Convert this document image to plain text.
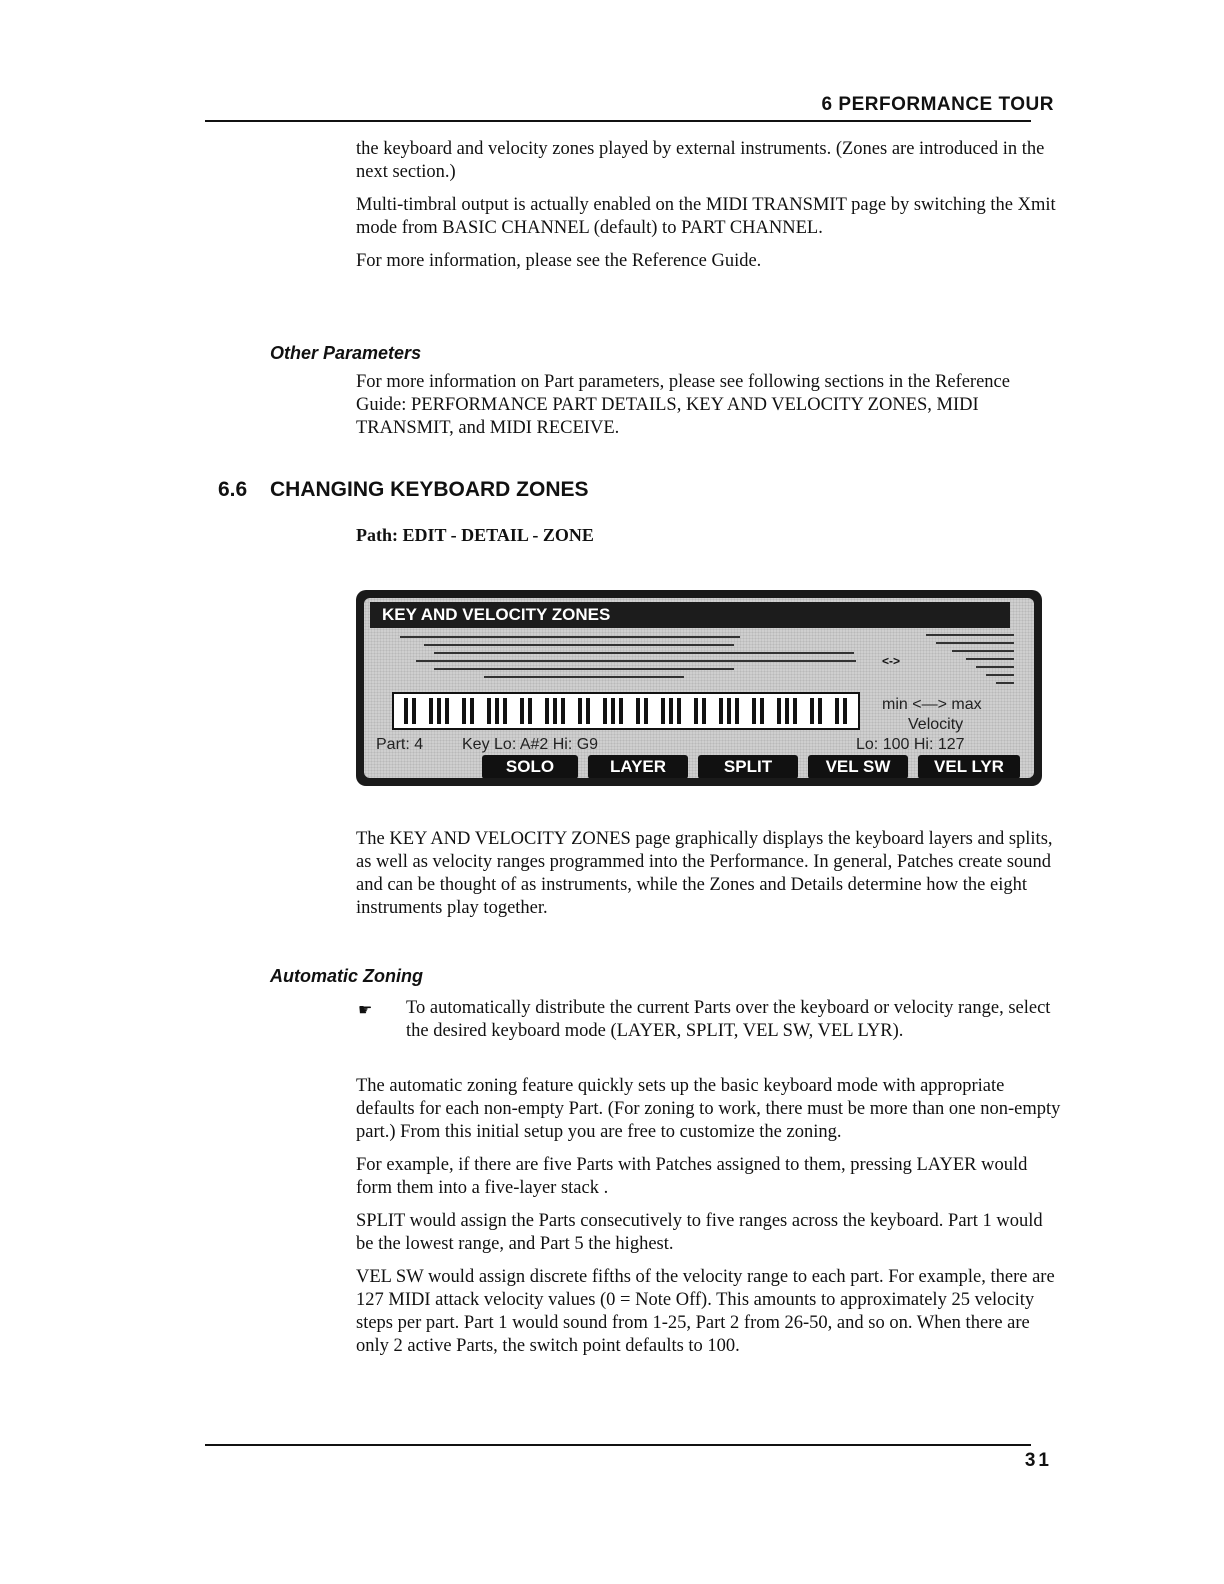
6 PERFORMANCE TOUR

the keyboard and velocity zones played by external instruments. (Zones are introduced in the next section.)

Multi-timbral output is actually enabled on the MIDI TRANSMIT page by switching the Xmit mode from BASIC CHANNEL (default) to PART CHANNEL.

For more information, please see the Reference Guide.

Other Parameters

For more information on Part parameters, please see following sections in the Reference Guide: PERFORMANCE PART DETAILS, KEY AND VELOCITY ZONES, MIDI TRANSMIT, and MIDI RECEIVE.

6.6 CHANGING KEYBOARD ZONES
Path: EDIT - DETAIL - ZONE
KEY AND VELOCITY ZONES
<->
min <—> max
Velocity
Part: 4 Key Lo: A#2 Hi: G9	Lo: 100 Hi: 127
SOLO	LAYER	SPLIT	VEL SW	VEL LYR

The KEY AND VELOCITY ZONES page graphically displays the keyboard layers and splits, as well as velocity ranges programmed into the Performance. In general, Patches create sound and can be thought of as instruments, while the Zones and Details determine how the eight instruments play together.

Automatic Zoning
☛ To automatically distribute the current Parts over the keyboard or velocity range, select the desired keyboard mode (LAYER, SPLIT, VEL SW, VEL LYR).

The automatic zoning feature quickly sets up the basic keyboard mode with appropriate defaults for each non-empty Part. (For zoning to work, there must be more than one non-empty part.) From this initial setup you are free to customize the zoning.

For example, if there are five Parts with Patches assigned to them, pressing LAYER would form them into a five-layer stack .

SPLIT would assign the Parts consecutively to five ranges across the keyboard. Part 1 would be the lowest range, and Part 5 the highest.

VEL SW would assign discrete fifths of the velocity range to each part. For example, there are 127 MIDI attack velocity values (0 = Note Off). This amounts to approximately 25 velocity steps per part. Part 1 would sound from 1-25, Part 2 from 26-50, and so on. When there are only 2 active Parts, the switch point defaults to 100.

31
